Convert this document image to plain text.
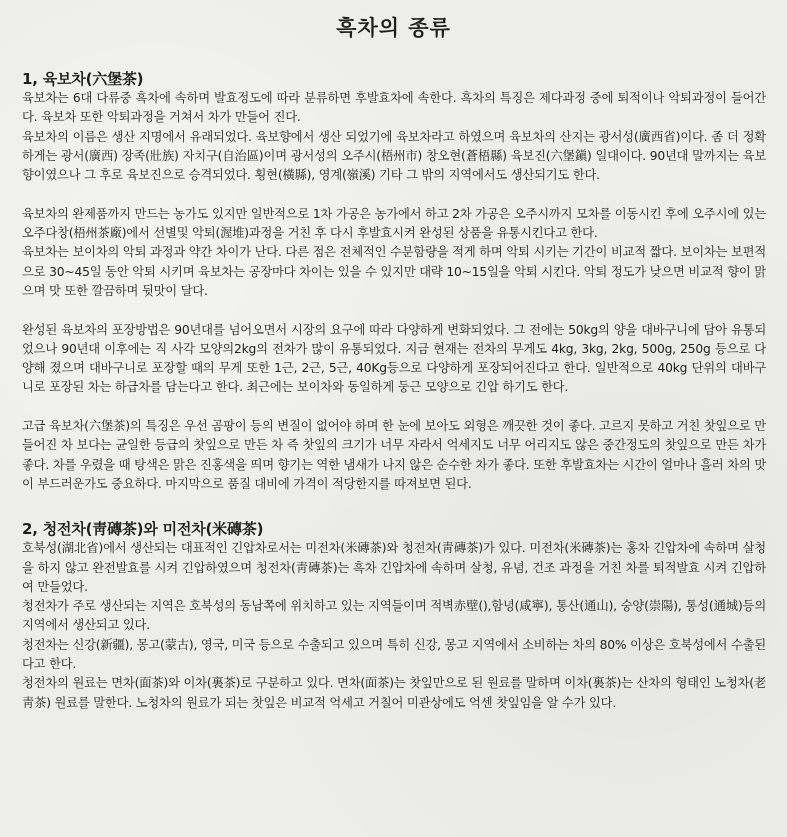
흑차의 종류
1, 육보차(六堡茶)

육보차는 6대 다류중 흑차에 속하며 발효정도에 따라 분류하면 후발효차에 속한다. 흑차의 특징은 제다과정 중에 퇴적이나 악퇴과정이 들어간다. 육보차 또한 악퇴과정을 거쳐서 차가 만들어 진다.

육보차의 이름은 생산 지명에서 유래되었다. 육보향에서 생산 되었기에 육보차라고 하였으며 육보차의 산지는 광서성(廣西省)이다. 좀 더 정확하게는 광서(廣西) 장족(壯族) 자치구(自治區)이며 광서성의 오주시(梧州市) 창오현(蒼梧縣) 육보진(六堡鎭) 일대이다. 90년대 말까지는 육보향이였으나 그 후로 육보진으로 승격되었다. 횡현(橫縣), 영계(嶺溪) 기타 그 밖의 지역에서도 생산되기도 한다.

육보차의 완제품까지 만드는 농가도 있지만 일반적으로 1차 가공은 농가에서 하고 2차 가공은 오주시까지 모차를 이동시킨 후에 오주시에 있는 오주다창(梧州茶廠)에서 선별및 악퇴(渥堆)과정을 거친 후 다시 후발효시켜 완성된 상품을 유통시킨다고 한다.

육보차는 보이차의 악퇴 과정과 약간 차이가 난다. 다른 점은 전체적인 수분함량을 적게 하며 악퇴 시키는 기간이 비교적 짧다. 보이차는 보편적으로 30~45일 동안 악퇴 시키며 육보차는 공장마다 차이는 있을 수 있지만 대략 10~15일을 악퇴 시킨다. 악퇴 정도가 낮으면 비교적 향이 맑으며 맛 또한 깔끔하며 뒷맛이 달다.

완성된 육보차의 포장방법은 90년대를 넘어오면서 시장의 요구에 따라 다양하게 변화되었다. 그 전에는 50kg의 양을 대바구니에 담아 유통되었으나 90년대 이후에는 직 사각 모양의2kg의 전차가 많이 유통되었다. 지금 현재는 전차의 무게도 4kg, 3kg, 2kg, 500g, 250g 등으로 다양해 졌으며 대바구니로 포장할 때의 무게 또한 1근, 2근, 5근, 40Kg등으로 다양하게 포장되어진다고 한다. 일반적으로 40kg 단위의 대바구니로 포장된 차는 하급차를 담는다고 한다. 최근에는 보이차와 동일하게 둥근 모양으로 긴압 하기도 한다.

고급 육보차(六堡茶)의 특징은 우선 곰팡이 등의 변질이 없어야 하며 한 눈에 보아도 외형은 깨끗한 것이 좋다. 고르지 못하고 거친 찻잎으로 만들어진 차 보다는 균일한 등급의 찻잎으로 만든 차 즉 찻잎의 크기가 너무 자라서 억세지도 너무 어리지도 않은 중간정도의 찻잎으로 만든 차가 좋다. 차를 우렸을 때 탕색은 맑은 진홍색을 띄며 향기는 역한 냄새가 나지 않은 순수한 차가 좋다. 또한 후발효차는 시간이 얼마나 흘러 차의 맛이 부드러운가도 중요하다. 마지막으로 품질 대비에 가격이 적당한지를 따져보면 된다.

2, 청전차(靑磚茶)와 미전차(米磚茶)

호북성(湖北省)에서 생산되는 대표적인 긴압차로서는 미전차(米磚茶)와 청전차(靑磚茶)가 있다. 미전차(米磚茶)는 홍차 긴압차에 속하며 살청을 하지 않고 완전발효를 시켜 긴압하였으며 청전차(靑磚茶)는 흑차 긴압차에 속하며 살청, 유념, 건조 과정을 거친 차를 퇴적발효 시켜 긴압하여 만들었다.

청전차가 주로 생산되는 지역은 호북성의 동남쪽에 위치하고 있는 지역들이며 적벽赤壁(),함녕(咸寧), 통산(通山), 숭양(崇陽), 통성(通城)등의 지역에서 생산되고 있다.

청전차는 신강(新疆), 몽고(蒙古), 영국, 미국 등으로 수출되고 있으며 특히 신강, 몽고 지역에서 소비하는 차의 80% 이상은 호북성에서 수출된다고 한다.

청전차의 원료는 면차(面茶)와 이차(裏茶)로 구분하고 있다. 면차(面茶)는 찻잎만으로 된 원료를 말하며 이차(裏茶)는 산차의 형태인 노청차(老靑茶) 원료를 말한다. 노청차의 원료가 되는 찻잎은 비교적 억세고 거칠어 미관상에도 억센 찻잎임을 알 수가 있다.
